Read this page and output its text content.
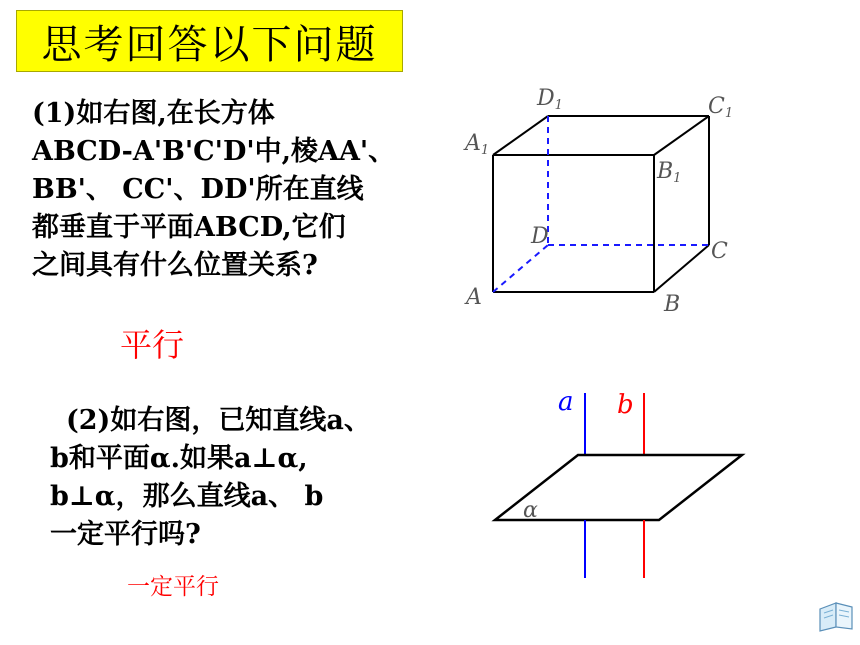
思考回答以下问题
(1)如右图,在长方体
ABCD-A'B'C'D'中,棱AA'、
BB'、 CC'、DD'所在直线
都垂直于平面ABCD,它们
之间具有什么位置关系?
平行
(2)如右图，已知直线a、
b和平面α.如果a⊥α,
b⊥α，那么直线a、 b
一定平行吗?
一定平行
D1	C1
A1
B1
D
C
A	B
a b
α
